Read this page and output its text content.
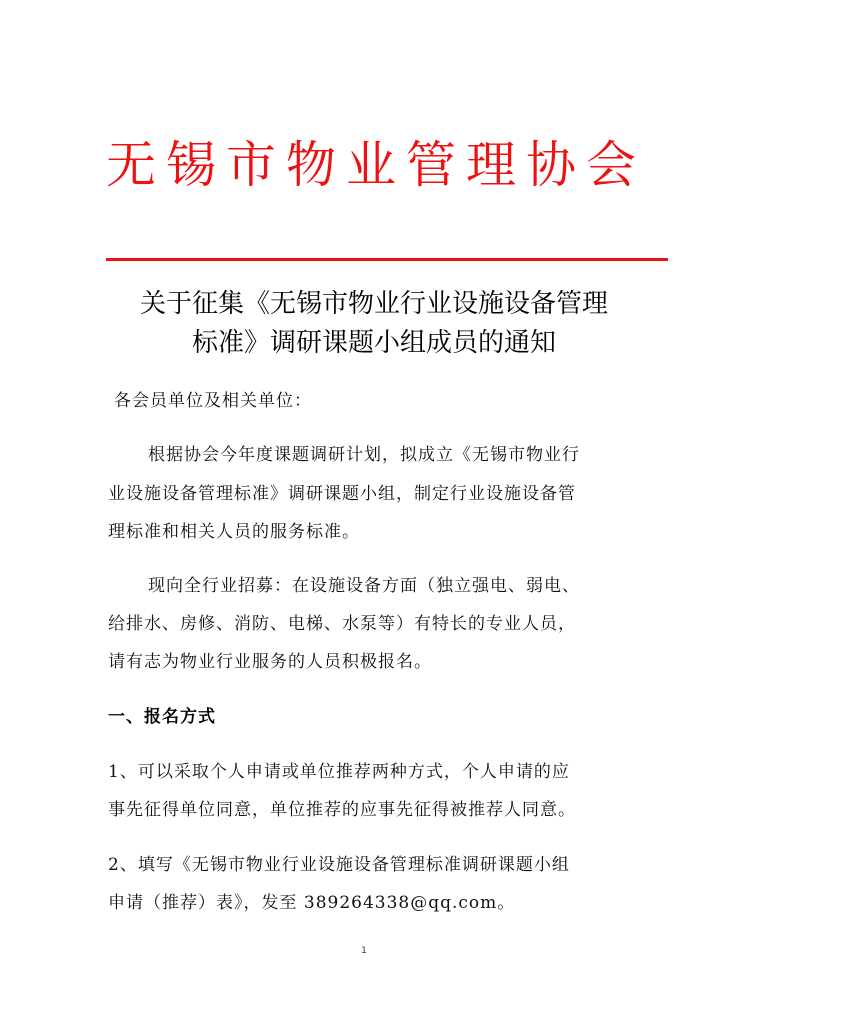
无锡市物业管理协会
关于征集《无锡市物业行业设施设备管理
标准》调研课题小组成员的通知
各会员单位及相关单位：
根据协会今年度课题调研计划，拟成立《无锡市物业行
业设施设备管理标准》调研课题小组，制定行业设施设备管
理标准和相关人员的服务标准。
现向全行业招募：在设施设备方面（独立强电、弱电、
给排水、房修、消防、电梯、水泵等）有特长的专业人员，
请有志为物业行业服务的人员积极报名。
一、报名方式
1、可以采取个人申请或单位推荐两种方式，个人申请的应
事先征得单位同意，单位推荐的应事先征得被推荐人同意。
2、填写《无锡市物业行业设施设备管理标准调研课题小组
申请（推荐）表》，发至 389264338@qq.com。
1
